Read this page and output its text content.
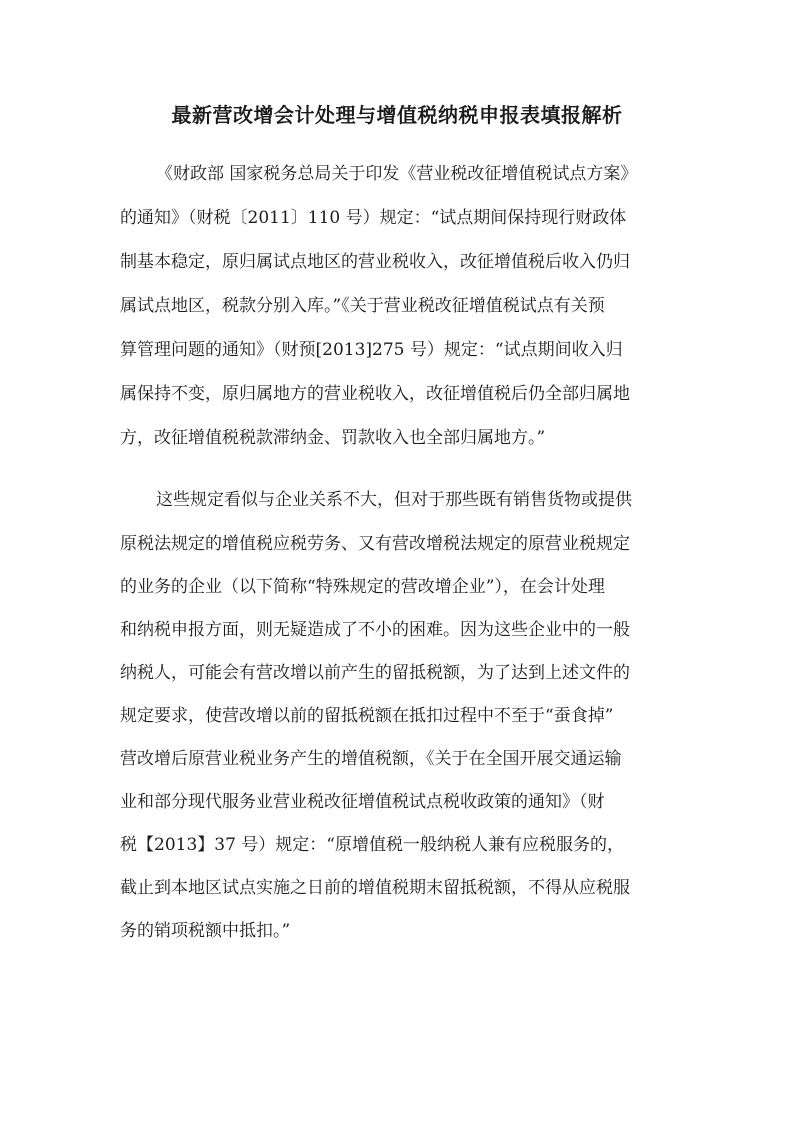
最新营改增会计处理与增值税纳税申报表填报解析

《财政部 国家税务总局关于印发《营业税改征增值税试点方案》

的通知》（财税〔2011〕110 号）规定：“试点期间保持现行财政体

制基本稳定，原归属试点地区的营业税收入，改征增值税后收入仍归

属试点地区，税款分别入库。”《关于营业税改征增值税试点有关预

算管理问题的通知》（财预[2013]275 号）规定：“试点期间收入归

属保持不变，原归属地方的营业税收入，改征增值税后仍全部归属地

方，改征增值税税款滞纳金、罚款收入也全部归属地方。”

这些规定看似与企业关系不大，但对于那些既有销售货物或提供

原税法规定的增值税应税劳务、又有营改增税法规定的原营业税规定

的业务的企业（以下简称“特殊规定的营改增企业”），在会计处理

和纳税申报方面，则无疑造成了不小的困难。因为这些企业中的一般

纳税人，可能会有营改增以前产生的留抵税额，为了达到上述文件的

规定要求，使营改增以前的留抵税额在抵扣过程中不至于“蚕食掉”

营改增后原营业税业务产生的增值税额，《关于在全国开展交通运输

业和部分现代服务业营业税改征增值税试点税收政策的通知》（财

税【2013】37 号）规定：“原增值税一般纳税人兼有应税服务的，

截止到本地区试点实施之日前的增值税期末留抵税额，不得从应税服

务的销项税额中抵扣。”
